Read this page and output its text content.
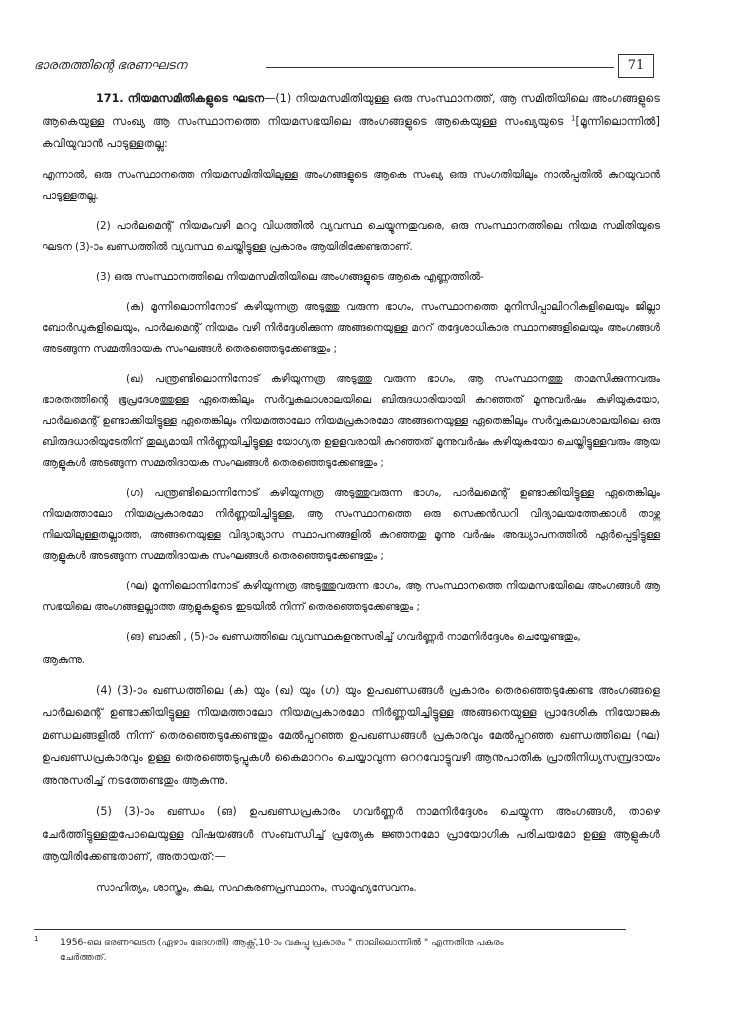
ഭാരതത്തിന്റെ ഭരണഘടന	71

171. നിയമസമിതികളുടെ ഘടന—(1) നിയമസമിതിയുള്ള ഒരു സംസ്ഥാനത്ത്, ആ സമിതിയിലെ അംഗങ്ങളുടെ ആകെയുള്ള സംഖ്യ ആ സംസ്ഥാനത്തെ നിയമസഭയിലെ അംഗങ്ങളുടെ ആകെയുള്ള സംഖ്യയുടെ $^1$[മൂന്നിലൊന്നിൽ] കവിയുവാൻ പാടുള്ളതല്ല:

എന്നാൽ, ഒരു സംസ്ഥാനത്തെ നിയമസമിതിയിലുള്ള അംഗങ്ങളുടെ ആകെ സംഖ്യ ഒരു സംഗതിയിലും നാൽപ്പതിൽ കുറയുവാൻ പാടുള്ളതല്ല.

(2) പാർലമെന്റ് നിയമംവഴി മററു വിധത്തിൽ വ്യവസ്ഥ ചെയ്യുന്നതുവരെ, ഒരു സംസ്ഥാനത്തിലെ നിയമ സമിതിയുടെ ഘടന (3)-ാം ഖണ്ഡത്തിൽ വ്യവസ്ഥ ചെയ്തിട്ടുള്ള പ്രകാരം ആയിരിക്കേണ്ടതാണ്.

(3) ഒരു സംസ്ഥാനത്തിലെ നിയമസമിതിയിലെ അംഗങ്ങളുടെ ആകെ എണ്ണത്തിൽ-

(ക) മൂന്നിലൊന്നിനോട് കഴിയുന്നത്ര അടുത്തു വരുന്ന ഭാഗം, സംസ്ഥാനത്തെ മുനിസിപ്പാലിററികളിലെയും ജില്ലാ ബോർഡുകളിലെയും, പാർലമെന്റ് നിയമം വഴി നിർദ്ദേശിക്കുന്ന അങ്ങനെയുള്ള മററ് തദ്ദേശാധികാര സ്ഥാനങ്ങളിലെയും അംഗങ്ങൾ അടങ്ങുന്ന സമ്മതിദായക സംഘങ്ങൾ തെരഞ്ഞെടുക്കേണ്ടതും ;

(ഖ) പന്ത്രണ്ടിലൊന്നിനോട് കഴിയുന്നത്ര അടുത്തു വരുന്ന ഭാഗം, ആ സംസ്ഥാനത്തു താമസിക്കുന്നവരും ഭാരതത്തിന്റെ ഭൂപ്രദേശത്തുള്ള ഏതെങ്കിലും സർവ്വകലാശാലയിലെ ബിരുദധാരിയായി കുറഞ്ഞത് മൂന്നുവർഷം കഴിയുകയോ, പാർലമെന്റ് ഉണ്ടാക്കിയിട്ടുള്ള ഏതെങ്കിലും നിയമത്താലോ നിയമപ്രകാരമോ അങ്ങനെയുള്ള ഏതെങ്കിലും സർവ്വകലാശാലയിലെ ഒരു ബിരുദധാരിയുടേതിന് തുല്യമായി നിർണ്ണയിച്ചിട്ടുള്ള യോഗ്യത ഉളളവരായി കുറഞ്ഞത് മൂന്നുവർഷം കഴിയുകയോ ചെയ്തിട്ടുള്ളവരും ആയ ആളുകൾ അടങ്ങുന്ന സമ്മതിദായക സംഘങ്ങൾ തെരഞ്ഞെടുക്കേണ്ടതും ;

(ഗ) പന്ത്രണ്ടിലൊന്നിനോട് കഴിയുന്നത്ര അടുത്തുവരുന്ന ഭാഗം, പാർലമെന്റ് ഉണ്ടാക്കിയിട്ടുള്ള ഏതെങ്കിലും നിയമത്താലോ നിയമപ്രകാരമോ നിർണ്ണയിച്ചിട്ടുള്ള, ആ സംസ്ഥാനത്തെ ഒരു സെക്കൻഡറി വിദ്യാലയത്തേക്കാൾ താഴ്ന്ന നിലയിലുള്ളതല്ലാത്ത, അങ്ങനെയുള്ള വിദ്യാഭ്യാസ സ്ഥാപനങ്ങളിൽ കുറഞ്ഞതു മൂന്നു വർഷം അദ്ധ്യാപനത്തിൽ ഏർപ്പെട്ടിട്ടുള്ള ആളുകൾ അടങ്ങുന്ന സമ്മതിദായക സംഘങ്ങൾ തെരഞ്ഞെടുക്കേണ്ടതും ;

(ഘ) മൂന്നിലൊന്നിനോട് കഴിയുന്നത്ര അടുത്തുവരുന്ന ഭാഗം, ആ സംസ്ഥാനത്തെ നിയമസഭയിലെ അംഗങ്ങൾ ആ സഭയിലെ അംഗങ്ങളല്ലാത്ത ആളുകളുടെ ഇടയിൽ നിന്ന് തെരഞ്ഞെടുക്കേണ്ടതും ;

(ങ) ബാക്കി , (5)-ാം ഖണ്ഡത്തിലെ വ്യവസ്ഥകളനുസരിച്ച് ഗവർണ്ണർ നാമനിർദ്ദേശം ചെയ്യേണ്ടതും,

ആകുന്നു.

(4) (3)-ാം ഖണ്ഡത്തിലെ (ക) യും (ഖ) യും (ഗ) യും ഉപഖണ്ഡങ്ങൾ പ്രകാരം തെരഞ്ഞെടുക്കേണ്ട അംഗങ്ങളെ പാർലമെന്റ് ഉണ്ടാക്കിയിട്ടുള്ള നിയമത്താലോ നിയമപ്രകാരമോ നിർണ്ണയിച്ചിട്ടുള്ള അങ്ങനെയുള്ള പ്രാദേശിക നിയോജക മണ്ഡലങ്ങളിൽ നിന്ന് തെരഞ്ഞെടുക്കേണ്ടതും മേൽപ്പറഞ്ഞ ഉപഖണ്ഡങ്ങൾ പ്രകാരവും മേൽപ്പറഞ്ഞ ഖണ്ഡത്തിലെ (ഘ) ഉപഖണ്ഡപ്രകാരവും ഉള്ള തെരഞ്ഞെടുപ്പുകൾ കൈമാററം ചെയ്യാവുന്ന ഒററവോട്ടുവഴി ആനുപാതിക പ്രാതിനിധ്യസമ്പ്രദായം അനുസരിച്ച് നടത്തേണ്ടതും ആകുന്നു.

(5) (3)-ാം ഖണ്ഡം (ങ) ഉപഖണ്ഡപ്രകാരം ഗവർണ്ണർ നാമനിർദ്ദേശം ചെയ്യുന്ന അംഗങ്ങൾ, താഴെ ചേർത്തിട്ടുള്ളതുപോലെയുള്ള വിഷയങ്ങൾ സംബന്ധിച്ച് പ്രത്യേക ജ്ഞാനമോ പ്രായോഗിക പരിചയമോ ഉള്ള ആളുകൾ ആയിരിക്കേണ്ടതാണ്, അതായത്:—

സാഹിത്യം, ശാസ്ത്രം, കല, സഹകരണപ്രസ്ഥാനം, സാമൂഹ്യസേവനം.

1 1956-ലെ ഭരണഘടന (ഏഴാം ഭേദഗതി) ആക്റ്റ്,10-ാം വകുപ്പു പ്രകാരം " നാലിലൊന്നിൽ " എന്നതിനു പകരം
ചേർത്തത്.
